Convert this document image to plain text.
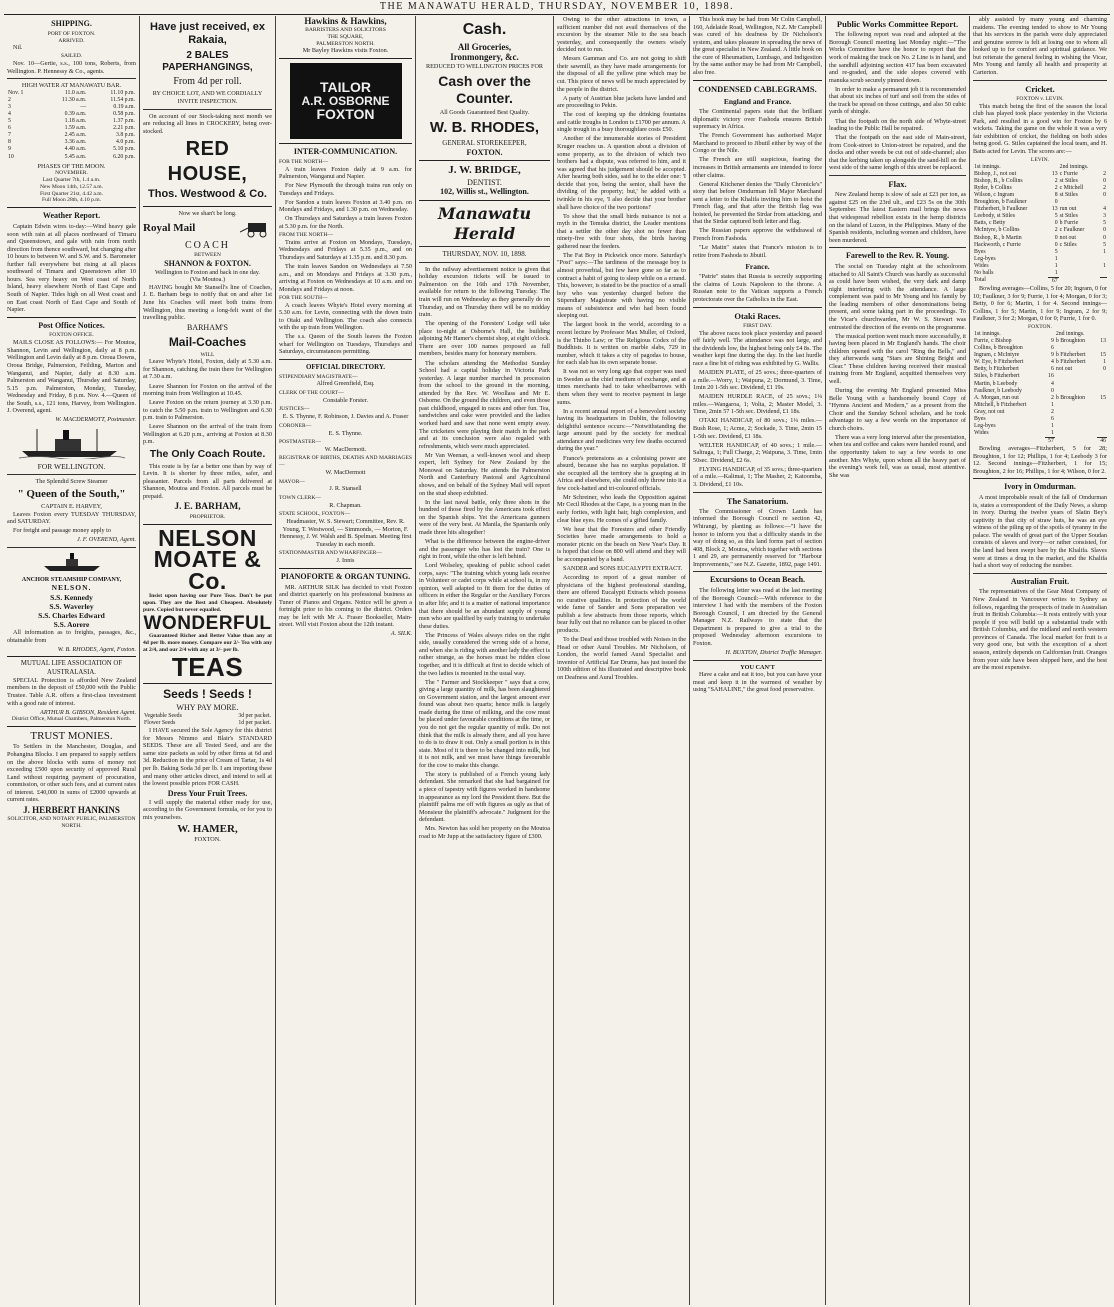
THE MANAWATU HERALD, THURSDAY, NOVEMBER 10, 1898.
SHIPPING.
PORT OF FOXTON.
ARRIVED.

Nil.

SAILED.

Nov. 10—Gertie, s.s., 100 tons, Roberts, from Wellington. P. Hennessy & Co., agents.

HIGH WATER AT MANAWATU BAR.
Nov. 1	11.0 a.m.	11.10 p.m.
2	11.30 a.m.	11.54 p.m.
3	—	0.19 a.m.
4	0.39 a.m.	0.58 p.m.
5	1.18 a.m.	1.37 p.m.
6	1.59 a.m.	2.21 p.m.
7	2.45 a.m.	3.8 p.m.
8	3.36 a.m.	4.0 p.m.
9	4.40 a.m.	5.10 p.m.
10	5.45 a.m.	6.20 p.m.
PHASES OF THE MOON.
NOVEMBER.
Last Quarter 7th, 1.4 a.m.
New Moon 14th, 12.57 a.m.
First Quarter 21st, 4.42 a.m.
Full Moon 28th, 4.10 p.m.
Weather Report.

Captain Edwin wires to-day:—Wind heavy gale soon with rain at all places northward of Timaru and Queenstown, and gale with rain from north direction from thence southward, but changing after 10 hours to between W. and S.W. and S. Barometer further fall everywhere but rising at all places southward of Timaru and Queenstown after 10 hours. Sea very heavy on West coast of North Island, heavy elsewhere North of East Cape and South of Napier. Tides high on all West coast and on East coast North of East Cape and South of Napier.

Post Office Notices.
FOXTON OFFICE.

MAILS CLOSE AS FOLLOWS:— For Moutoa, Shannon, Levin and Wellington, daily at 8 p.m. Wellington and Levin daily at 8 p.m. Oroua Downs, Oroua Bridge, Palmerston, Feilding, Marton and Wanganui, and Napier, daily at 8.30 a.m. Palmerston and Wanganui, Thursday and Saturday, 5.15 p.m. Palmerston, Monday, Tuesday, Wednesday and Friday, 8 p.m. Nov. 4.—Queen of the South, s.s., 121 tons, Harvey, from Wellington. J. Overend, agent.

W. MACDERMOTT, Postmaster.
FOR WELLINGTON.
The Splendid Screw Steamer
" Queen of the South,"
CAPTAIN E. HARVEY,

Leaves Foxton every TUESDAY THURSDAY, and SATURDAY.

For freight and passage money apply to

J. F. OVEREND, Agent.
ANCHOR STEAMSHIP COMPANY,
NELSON.
S.S. Kennedy
S.S. Waverley
S.S. Charles Edward
S.S. Aorere

All information as to freights, passages, &c., obtainable from

W. B. RHODES, Agent, Foxton.
MUTUAL LIFE ASSOCIATION OF AUSTRALASIA.

SPECIAL Protection is afforded New Zealand members in the deposit of £50,000 with the Public Trustee. Table A.R. offers a first-class investment with a good rate of interest.

ARTHUR B. GIBSON, Resident Agent.
District Office, Mutual Chambers, Palmerston North.
TRUST MONIES.

To Settlers in the Manchester, Douglas, and Pohangina Blocks. I am prepared to supply settlers on the above blocks with sums of money not exceeding £500 upon security of approved Rural Land without requiring payment of procuration, commission, or other such fees, and at current rates of interest. £40,000 in sums of £2000 upwards at current rates.

J. HERBERT HANKINS
SOLICITOR, AND NOTARY PUBLIC, PALMERSTON NORTH.
Have just received, ex Rakaia,
2 BALES PAPERHANGINGS,
From 4d per roll.
RY CHOICE LOT, AND WE CORDIALLY INVITE INSPECTION.

On account of our Stock-taking next month we are reducing all lines in CROCKERY, being over-stocked.

RED HOUSE,
Thos. Westwood & Co.
Now we shan't be long.
Royal Mail
COACH
BETWEEN
SHANNON & FOXTON.
Wellington to Foxton and back in one day.
(Via Moutoa.)

HAVING bought Mr Stansell's line of Coaches, J. E. Barham begs to notify that on and after 1st June his Coaches will meet both trains from Wellington, thus meeting a long-felt want of the travelling public.

BARHAM'S
Mail-Coaches
WILL

Leave Whyte's Hotel, Foxton, daily at 5.30 a.m. for Shannon, catching the train there for Wellington at 7.30 a.m.

Leave Shannon for Foxton on the arrival of the morning train from Wellington at 10.45.

Leave Foxton on the return journey at 3.30 p.m. to catch the 5.50 p.m. train to Wellington and 6.30 p.m. train to Palmerston.

Leave Shannon on the arrival of the train from Wellington at 6.20 p.m., arriving at Foxton at 8.30 p.m.

The Only Coach Route.

This route is by far a better one than by way of Levin. It is shorter by three miles, safer, and pleasanter. Parcels from all parts delivered at Shannon, Moutoa and Foxton. All parcels must be prepaid.

J. E. BARHAM,
PROPRIETOR.
NELSON MOATE & Co.

Insist upon having our Pure Teas. Don't be put upon. They are the Best and Cheapest. Absolutely pure. Copied but never equalled.

WONDERFUL

Guaranteed Richer and Better Value than any at 4d per lb. more money. Compare our 2/- Tea with any at 2/4, and our 2/4 with any at 3/- per lb.

TEAS
Seeds ! Seeds !
WHY PAY MORE.
Vegetable Seeds	3d per packet.
Flower Seeds	1d per packet.

I HAVE secured the Sole Agency for this district for Messrs Nimmo and Blair's STANDARD SEEDS. These are all Tested Seed, and are the same size packets as sold by other firms at 6d and 3d. Reduction in the price of Cream of Tartar, 1s 4d per lb. Baking Soda 3d per lb. I am importing these and many other articles direct, and intend to sell at the lowest possible prices FOR CASH.

Dress Your Fruit Trees.

I will supply the material either ready for use, according to the Government formula, or for you to mix yourselves.

W. HAMER,
FOXTON.
Hawkins & Hawkins,
BARRISTERS AND SOLICITORS
THE SQUARE,
PALMERSTON NORTH.
Mr Bayley Hawkins visits Foxton.
TAILOR
A.R. OSBORNE
FOXTON
INTER-COMMUNICATION.
FOR THE NORTH—

A train leaves Foxton daily at 9 a.m. for Palmerston, Wanganui and Napier.

For New Plymouth the through trains run only on Tuesdays and Fridays.

For Sandon a train leaves Foxton at 3.40 p.m. on Mondays and Fridays, and 1.30 p.m. on Wednesday.

On Thursdays and Saturdays a train leaves Foxton at 5.30 p.m. for the North.

FROM THE NORTH—

Trains arrive at Foxton on Mondays, Tuesdays, Wednesdays and Fridays at 5.35 p.m., and on Thursdays and Saturdays at 1.35 p.m. and 8.30 p.m.

The train leaves Sandon on Wednesdays at 7.50 a.m., and on Mondays and Fridays at 3.30 p.m., arriving at Foxton on Wednesdays at 10 a.m. and on Mondays and Fridays at noon.

FOR THE SOUTH—

A coach leaves Whyte's Hotel every morning at 5.30 a.m. for Levin, connecting with the down train to Otaki and Wellington. The coach also connects with the up train from Wellington.

The s.s. Queen of the South leaves the Foxton wharf for Wellington on Tuesdays, Thursdays and Saturdays, circumstances permitting.

OFFICIAL DIRECTORY.
STIPENDIARY MAGISTRATE—
Alfred Greenfield, Esq.
CLERK OF THE COURT—
Constable Forster.
JUSTICES—
E. S. Thynne, F. Robinson, J. Davies and A. Fraser
CORONER—
E. S. Thynne.
POSTMASTER—
W. MacDermott.
REGISTRAR OF BIRTHS, DEATHS AND MARRIAGES—
W. MacDermott
MAYOR—
J. R. Stansell
TOWN CLERK—
R. Chapman.
STATE SCHOOL, FOXTON—
Headmaster, W. S. Stewart; Committee, Rev. R. Young, T. Westwood, — Simmonds, — Morton, F. Hennessy, J. W. Walsh and B. Spelman. Meeting first Tuesday in each month.
STATIONMASTER AND WHARFINGER—
J. Innis
PIANOFORTE & ORGAN TUNING.

MR. ARTHUR SILK has decided to visit Foxton and district quarterly on his professional business as Tuner of Pianos and Organs. Notice will be given a fortnight prior to his coming to the district. Orders may be left with Mr A. Fraser Bookseller, Main-street. Will visit Foxton about the 12th instant.

A. SILK.
Cash.
All Groceries,
Ironmongery, &c.
REDUCED TO WELLINGTON PRICES FOR
Cash over the Counter.
All Goods Guaranteed Best Quality.
W. B. RHODES,
GENERAL STOREKEEPER,
FOXTON.
J. W. BRIDGE,
DENTIST.
102, Willis st., Wellington.
Manawatu Herald
THURSDAY, NOV. 10, 1898.

In the railway advertisement notice is given that holiday excursion tickets will be issued to Palmerston on the 16th and 17th November, available for return to the following Tuesday. The train will run on Wednesday as they generally do on Thursday, and on Thursday there will be no midday train.

The opening of the Foresters' Lodge will take place to-night at Osborne's Hall, the building adjoining Mr Hamer's chemist shop, at eight o'clock. There are over 100 names proposed as full members, besides many for honorary members.

The scholars attending the Methodist Sunday School had a capital holiday in Victoria Park yesterday. A large number marched in procession from the school to the ground in the morning, attended by the Rev. W. Woollass and Mr E. Osborne. On the ground the children, and even those past childhood, engaged in races and other fun. Tea, sandwiches and cake were provided and the ladies worked hard and saw that none went empty away. The cricketers were playing their match in the park and at its conclusion were also regaled with refreshments, which were much appreciated.

Mr Van Weenan, a well-known wool and sheep expert, left Sydney for New Zealand by the Monowai on Saturday. He attends the Palmerston North and Canterbury Pastoral and Agricultural shows, and on behalf of the Sydney Mail will report on the stud sheep exhibited.

In the last naval battle, only three shots in the hundred of those fired by the Americans took effect on the Spanish ships. Yet the Americans gunners were of the very best. At Manila, the Spaniards only made three hits altogether!

What is the difference between the engine-driver and the passenger who has lost the train? One is right in front, while the other is left behind.

Lord Wolseley, speaking of public school cadet corps, says: "The training which young lads receive in Volunteer or cadet corps while at school is, in my opinion, well adapted to fit them for the duties of officers in either the Regular or the Auxiliary Forces in after life; and it is a matter of national importance that there should be an abundant supply of young men who are qualified by early training to undertake these duties.

The Princess of Wales always rides on the right side, usually considered the wrong side of a horse, and when she is riding with another lady the effect is rather strange, as the horses must be ridden close together, and it is difficult at first to decide which of the two ladies is mounted in the usual way.

The " Farmer and Stockkeeper " says that a cow, giving a large quantity of milk, has been slaughtered on Government station, and the largest amount ever found was about two quarts; hence milk is largely made during the time of milking, and the cow must be placed under favourable conditions at the time, or you do not get the regular quantity of milk. Do not think that the milk is already there, and all you have to do is to draw it out. Only a small portion is in this state. Most of it is there to be changed into milk, but it is not milk, and we must have things favourable for the cow to make this change.

The story is published of a French young lady defendant. She remarked that she had bargained for a piece of tapestry with figures worked in handsome in appearance as my lord the President there. But the plaintiff palms me off with figures as ugly as that of Monsieur the plaintiff's advocate." Judgment for the defendant.

Mrs. Newton has sold her property on the Moutoa road to Mr Jupp at the satisfactory figure of £300.

Owing to the other attractions in town, a sufficient number did not avail themselves of the excursion by the steamer Nile to the sea beach yesterday, and consequently the owners wisely decided not to run.

Messrs Gamman and Co. are not going to shift their sawmill, as they have made arrangements for the disposal of all the yellow pine which may be cut. This piece of news will be much appreciated by the people in the district.

A party of Austrian blue jackets have landed and are proceeding to Pekin.

The cost of keeping up the drinking fountains and cattle troughs in London is £1700 per annum. A single trough in a busy thoroughfare costs £50.

Another of the innumerable stories of President Kruger reaches us. A question about a division of some property, as to the division of which two brothers had a dispute, was referred to him, and it was agreed that his judgement should be accepted. After hearing both sides, said he to the elder one: 'I decide that you, being the senior, shall have the dividing of the property; but,' he added with a twinkle in his eye, 'I also decide that your brother shall have choice of the two portions!'

To show that the small birds nuisance is not a myth in the Temuka district, the Leader mentions that a settler the other day shot no fewer than ninety-five with four shots, the birds having gathered near the feeders.

The Fat Boy in Pickwick once more. Saturday's "Post" says:—The tardiness of the message boy is almost proverbial, but few have gone so far as to contract a habit of going to sleep while on a errand. This, however, is stated to be the practice of a small boy who was yesterday charged before the Stipendiary Magistrate with having no visible means of subsistence and who had been found sleeping out.

The largest book in the world, according to a recent lecture by Professor Max Muller, of Oxford, is the Thinbo Law; or The Religious Codex of the Buddhists. It is written on marble slabs, 729 in number, which it takes a city of pagodas to house, for each slab has its own separate house.

It was not so very long ago that copper was used in Sweden as the chief medium of exchange, and at times merchants had to take wheelbarrows with them when they went to receive payment in large sums.

In a recent annual report of a benevolent society having its headquarters in Dublin, the following delightful sentence occurs:—"Notwithstanding the large amount paid by the society for medical attendance and medicines very few deaths occurred during the year."

France's pretensions as a colonising power are absurd, because she has no surplus population. If she occupied all the territory she is grasping at in Africa and elsewhere, she could only throw into it a few cock-hatted and tri-coloured officials.

Mr Schreiner, who leads the Opposition against Mr Cecil Rhodes at the Cape, is a young man in the early forties, with light hair, high complexion, and clear blue eyes. He comes of a gifted family.

We hear that the Foresters and other Friendly Societies have made arrangements to hold a monster picnic on the beach on New Year's Day. It is hoped that close on 800 will attend and they will be accompanied by a band.

SANDER and SONS EUCALYPTI EXTRACT.

According to report of a great number of physicians of the highest professional standing, there are offered Eucalypti Extracts which possess no curative qualities. In protection of the world wide fame of Sander and Sons preparation we publish a few abstracts from those reports, which bear fully out that no reliance can be placed in other products.

To the Deaf and those troubled with Noises in the Head or other Aural Troubles. Mr Nicholson, of London, the world famed Aural Specialist and inventor of Artificial Ear Drums, has just issued the 100th edition of his illustrated and descriptive book on Deafness and Aural Troubles.

This book may be had from Mr Colin Campbell, 160, Adelaide Road, Wellington, N.Z. Mr Campbell was cured of his deafness by Dr Nicholson's system, and takes pleasure in spreading the news of the great specialist in New Zealand. A little book on the cure of Rheumatism, Lumbago, and Indigestion by the same author may be had from Mr Campbell, also free.

CONDENSED CABLEGRAMS.
England and France.

The Continental papers state that the brilliant diplomatic victory over Fashoda ensures British supremacy in Africa.

The French Government has authorised Major Marchand to proceed to Jibutil either by way of the Congo or the Nile.

The French are still suspicious, fearing the increases in British armaments are intended to force other claims.

General Kitchener denies the "Daily Chronicle's" story that before Omdurman fell Major Marchand sent a letter to the Khalifa inviting him to hoist the French flag, and that after the British flag was hoisted, he prevented the Sirdar from attacking, and that the Sirdar captured both letter and flag.

The Russian papers approve the withdrawal of French from Fashoda.

"Le Matin" states that France's mission is to retire from Fashoda to Jibutil.

France.

"Patrie" states that Russia is secretly supporting the claims of Louis Napoleon to the throne. A Russian note to the Vatican supports a French protectorate over the Catholics in the East.

Otaki Races.
FIRST DAY.

The above races took place yesterday and passed off fairly well. The attendance was not large, and the dividends low, the highest being only £4 8s. The weather kept fine during the day. In the last hurdle race a fine bit of riding was exhibited by G. Wallis.

MAIDEN PLATE, of 25 sovs.; three-quarters of a mile.—Worry, 1; Waipuna, 2; Dormund, 3. Time, 1min 20 1-5th sec. Dividend, £1 19s.

MAIDEN HURDLE RACE, of 25 sovs.; 1¼ miles.—Wangaroa, 1; Volta, 2; Master Model, 3. Time, 2min 57 1-5th sec. Dividend, £1 18s.

OTAKI HANDICAP, of 80 sovs.; 1¼ miles.—Bush Rose, 1; Acme, 2; Sockade, 3. Time, 2min 15 1-5th sec. Dividend, £1 18s.

WELTER HANDICAP, of 40 sovs.; 1 mile.—Saltraga, 1; Full Charge, 2; Waipuna, 3. Time, 1min 50sec. Dividend, £2 6s.

FLYING HANDICAP, of 35 sovs.; three-quarters of a mile.—Kalimai, 1; The Masher, 2; Katoomba, 3. Dividend, £1 10s.

The Sanatorium.

The Commissioner of Crown Lands has informed the Borough Council re section 42, Whirangi, by planting as follows:—"I have the honor to inform you that a difficulty stands in the way of doing so, as this land forms part of section 408, Block 2, Moutoa, which together with sections 1 and 29, are permanently reserved for "Harbour Improvements," see N.Z. Gazette, 1892, page 1491.

Excursions to Ocean Beach.

The following letter was read at the last meeting of the Borough Council:—With reference to the interview I had with the members of the Foxton Borough Council, I am directed by the General Manager N.Z. Railways to state that the Department is prepared to give a trial to the proposed Wednesday afternoon excursions to Foxton.

H. BUXTON, District Traffic Manager.
YOU CAN'T

Have a cake and eat it too, but you can have your meat and keep it in the warmest of weather by using "SAHALINE," the great food preservative.

Public Works Committee Report.

The following report was read and adopted at the Borough Council meeting last Monday night:—"The Works Committee have the honor to report that the work of making the track on No. 2 Line is in hand, and the sandhill adjoining section 417 has been excavated and re-graded, and the side slopes covered with manuka scrub securely pinned down.

In order to make a permanent job it is recommended that about six inches of turf and soil from the sides of the track be spread on those cuttings, and also 50 cubic yards of shingle.

That the footpath on the north side of Whyte-street leading to the Public Hall be repaired.

That the footpath on the east side of Main-street, from Cook-street to Union-street be repaired, and the docks and other weeds be cut out of side-channel; also that the kerbing taken up alongside the sand-hill on the west side of the same length of this street be replaced.

Flax.

New Zealand hemp is slow of sale at £23 per ton, as against £25 on the 23rd ult., and £23 5s on the 30th September. The latest Eastern mail brings the news that widespread rebellion exists in the hemp districts on the island of Luzon, in the Philippines. Many of the Spanish residents, including women and children, have been murdered.

Farewell to the Rev. R. Young.

The social on Tuesday night at the schoolroom attached to All Saint's Church was hardly as successful as could have been wished, the very dark and damp night interfering with the attendance. A large complement was paid to Mr Young and his family by the leading members of other denominations being present, and some taking part in the proceedings. To the Vicar's churchwarden, Mr W. S. Stewart was entrusted the direction of the events on the programme.

The musical portion went much more successfully, it having been placed in Mr England's hands. The choir children opened with the carol "Ring the Bells," and they afterwards sang "Stars are Shining Bright and Clear." These children having received their musical training from Mr England, acquitted themselves very well.

During the evening Mr England presented Miss Belle Young with a handsomely bound Copy of "Hymns Ancient and Modern," as a present from the Choir and the Sunday School scholars, and he took advantage to say a few words on the importance of church choirs.

There was a very long interval after the presentation, when tea and coffee and cakes were handed round, and the opportunity taken to say a few words to one another. Mrs Whyte, upon whom all the heavy part of the evening's work fell, was as usual, most attentive. She was

ably assisted by many young and charming maidens. The evening tended to show to Mr Young that his services in the parish were duly appreciated and genuine sorrow is felt at losing one to whom all looked up to for comfort and spiritual guidance. We but reiterate the general feeling in wishing the Vicar, Mrs Young and family all health and prosperity at Carterton.

Cricket.
FOXTON v. LEVIN.

This match being the first of the season the local club has played took place yesterday in the Victoria Park, and resulted in a good win for Foxton by 6 wickets. Taking the game on the whole it was a very fair exhibition of cricket, the fielding on both sides being good. G. Stiles captained the local team, and H. Batts acted for Levin. The scores are:—

LEVIN.
1st innings.		2nd innings.	
Bishop, J., not out	13	c Furrie	2
Bishop, B., b Collins	2	st Stiles	0
Ryder, b Collins	2	c Mitchell	2
Wilson, c Ingram	8	st Stiles	0
Broughton, b Faulkner	0		
Fitzherbert, b Faulkner	13	run out	4
Leebody, st Stiles	5	st Stiles	3
Batts, c Betty	0	b Furrie	5
McIntyre, b Collins	2	c Faulkner	0
Bishop, R., b Martin	0	not out	0
Hackworth, c Furrie	0	c Stiles	5
Byes	5		1
Leg-byes	1		
Wides	1		1
No balls	1		
Total	67		

Bowling averages—Collins, 5 for 20; Ingram, 0 for 10; Faulkner, 3 for 9; Furrie, 1 for 4; Morgan, 0 for 3; Betty, 0 for 6; Martin, 1 for 4. Second innings—Collins, 1 for 5; Martin, 1 for 9; Ingram, 2 for 9; Faulkner, 3 for 2; Morgan, 0 for 0; Furrie, 1 for 0.

FOXTON.
1st innings.		2nd innings.	
Furrie, c Bishop	9	b Broughton	13
Collins, b Broughton	6		
Ingram, c McIntyre	9	b Fitzherbert	15
W. Eye, b Fitzherbert	4	b Fitzherbert	1
Betty, b Fitzherbert	6	not out	0
Stiles, b Fitzherbert	16		
Martin, b Leebody	4		
Faulkner, b Leebody	0		
A. Morgan, run out	2	b Broughton	15
Mitchell, b Fitzherbert	1		
Gray, not out	2		
Byes	6		
Leg-byes	1		
Wides	1		
	57		46

Bowling averages—Fitzherbert, 5 for 28; Broughton, 1 for 12; Phillips, 1 for 4; Leebody 3 for 12. Second innings—Fitzherbert, 1 for 15; Broughton, 2 for 16; Phillips, 1 for 4; Wilson, 0 for 2.

Ivory in Omdurman.

A most improbable result of the fall of Omdurman is, states a correspondent of the Daily News, a slump in ivory. During the twelve years of Slatin Bey's captivity in that city of straw huts, he was an eye witness of the piling up of the spoils of tyranny in the palace. The wealth of great part of the Upper Soudan consists of slaves and ivory—or rather consisted, for the land had been swept bare by the Khalifa. Slaves were at times a drug in the market, and the Khalifa had a short way of reducing the number.

Australian Fruit.

The representatives of the Gear Meat Company of New Zealand in Vancouver writes to Sydney as follows, regarding the prospects of trade in Australian fruit in British Columbia:—It rests entirely with your people if you will build up a substantial trade with British Columbia, and the midland and north western provinces of Canada. The local market for fruit is a very good one, but with the exception of a short season, entirely depends on Californian fruit. Oranges from your side have been shipped here, and the best are the most expensive.
